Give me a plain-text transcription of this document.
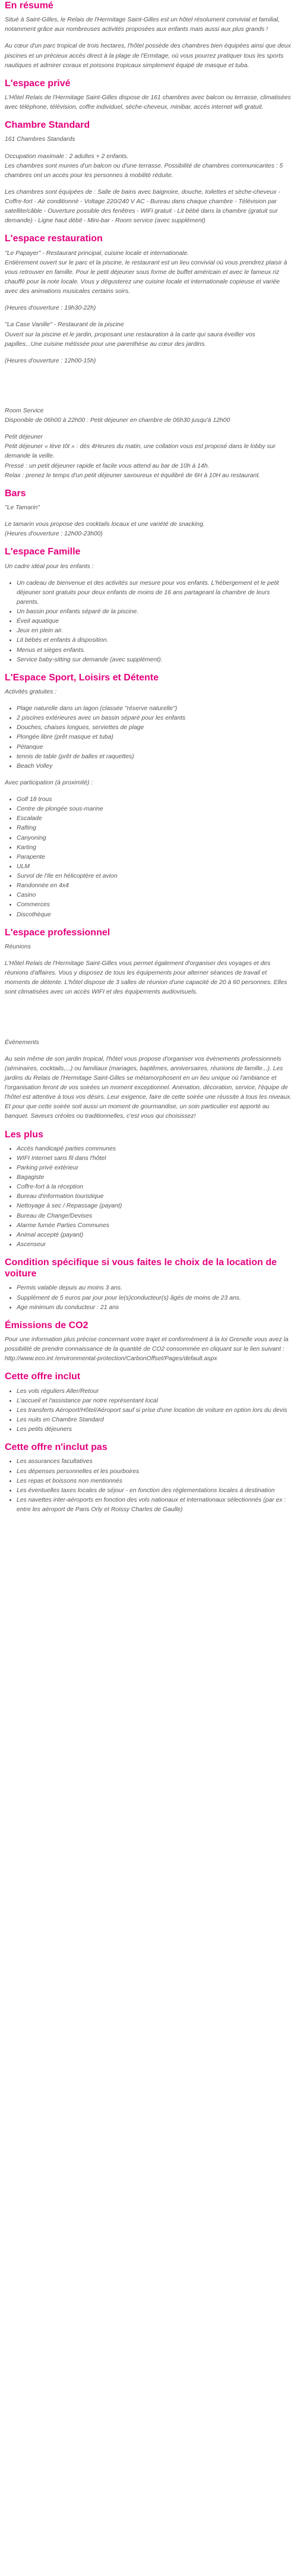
En résumé

Situé à Saint-Gilles, le Relais de l'Hermitage Saint-Gilles est un hôtel résolument convivial et familial, notamment grâce aux nombreuses activités proposées aux enfants mais aussi aux plus grands !

Au cœur d'un parc tropical de trois hectares, l'hôtel possède des chambres bien équipées ainsi que deux piscines et un précieux accès direct à la plage de l'Ermitage, où vous pourrez pratiquer tous les sports nautiques et admirer coraux et poissons tropicaux simplement équipé de masque et tuba.

L'espace privé

L'Hôtel Relais de l'Hermitage Saint-Gilles dispose de 161 chambres avec balcon ou terrasse, climatisées avec téléphone, télévision, coffre individuel, sèche-cheveux, minibar, accès internet wifi gratuit.

Chambre Standard

161 Chambres Standards

Occupation maximale : 2 adultes + 2 enfants.
Les chambres sont munies d'un balcon ou d'une terrasse. Possibilité de chambres communicantes : 5 chambres ont un accès pour les personnes à mobilité réduite.

Les chambres sont équipées de : Salle de bains avec baignoire, douche, toilettes et sèche-cheveux - Coffre-fort - Air conditionné - Voltage 220/240 V AC - Bureau dans chaque chambre - Télévision par satellite/câble - Ouverture possible des fenêtres - WiFi gratuit - Lit bébé dans la chambre (gratuit sur demande) - Ligne haut débit - Mini-bar - Room service (avec supplément)

L'espace restauration

"Le Papayer" - Restaurant principal, cuisine locale et internationale.
Entièrement ouvert sur le parc et la piscine, le restaurant est un lieu convivial où vous prendrez plaisir à vous retrouver en famille. Pour le petit déjeuner sous forme de buffet américain et avec le fameux riz chauffé pour la note locale. Vous y dégusterez une cuisine locale et internationale copieuse et variée avec des animations musicales certains soirs.

(Heures d'ouverture : 19h30-22h)

"La Case Vanille" - Restaurant de la piscine
Ouvert sur la piscine et le jardin, proposant une restauration à la carte qui saura éveiller vos papilles...Une cuisine métissée pour une parenthèse au cœur des jardins.

(Heures d'ouverture : 12h00-15h)

Room Service
Disponible de 06h00 à 22h00 : Petit déjeuner en chambre de 06h30 jusqu'à 12h00

Petit déjeuner
Petit déjeuner « lève tôt » : dès 4Heures du matin, une collation vous est proposé dans le lobby sur demande la veille.
Pressé : un petit déjeuner rapide et facile vous attend au bar de 10h à 14h.
Relax : prenez le temps d'un petit déjeuner savoureux et équilibré de 6H à 10H au restaurant.

Bars

"Le Tamarin"

Le tamarin vous propose des cocktails locaux et une variété de snacking.
(Heures d'ouverture : 12h00-23h00)

L'espace Famille

Un cadre idéal pour les enfants :

• Un cadeau de bienvenue et des activités sur mesure pour vos enfants. L'hébergement et le petit déjeuner sont gratuits pour deux enfants de moins de 16 ans partageant la chambre de leurs parents.
• Un bassin pour enfants séparé de la piscine.
• Éveil aquatique
• Jeux en plein air.
• Lit bébés et enfants à disposition.
• Menus et sièges enfants.
• Service baby-sitting sur demande (avec supplément).
L'Espace Sport, Loisirs et Détente

Activités gratuites :

• Plage naturelle dans un lagon (classée "réserve naturelle")
• 2 piscines extérieures avec un bassin séparé pour les enfants
• Douches, chaises longues, serviettes de plage
• Plongée libre (prêt masque et tuba)
• Pétanque
• tennis de table (prêt de balles et raquettes)
• Beach Volley

Avec participation (à proximité) :

• Golf 18 trous
• Centre de plongée sous-marine
• Escalade
• Rafting
• Canyoning
• Karting
• Parapente
• ULM
• Survol de l'Ile en hélicoptère et avion
• Randonnée en 4x4
• Casino
• Commerces
• Discothèque
L'espace professionnel

Réunions

L'Hôtel Relais de l'Hermitage Saint-Gilles vous permet également d'organiser des voyages et des réunions d'affaires. Vous y disposez de tous les équipements pour alterner séances de travail et moments de détente. L'hôtel dispose de 3 salles de réunion d'une capacité de 20 à 60 personnes. Elles sont climatisées avec un accès WIFI et des équipements audiovisuels.

Évènements

Au sein même de son jardin tropical, l'hôtel vous propose d'organiser vos évènements professionnels (séminaires, cocktails,...) ou familiaux (mariages, baptêmes, anniversaires, réunions de famille...). Les jardins du Relais de l'Hermitage Saint-Gilles se métamorphosent en un lieu unique où l'ambiance et l'organisation feront de vos soirées un moment exceptionnel. Animation, décoration, service, l'équipe de l'hôtel est attentive à tous vos désirs. Leur exigence, faire de cette soirée une réussite à tous les niveaux. Et pour que cette soirée soit aussi un moment de gourmandise, un soin particulier est apporté au banquet. Saveurs créoles ou traditionnelles, c'est vous qui choisissez!

Les plus
• Accès handicapé parties communes
• WIFI Internet sans fil dans l'hôtel
• Parking privé extérieur
• Bagagiste
• Coffre-fort à la réception
• Bureau d'information touristique
• Nettoyage à sec / Repassage (payant)
• Bureau de Change/Devises
• Alarme fumée Parties Communes
• Animal accepté (payant)
• Ascenseur
Condition spécifique si vous faites le choix de la location de voiture
• Permis valable depuis au moins 3 ans.
• Supplément de 5 euros par jour pour le(s)conducteur(s) âgés de moins de 23 ans.
• Age minimum du conducteur : 21 ans
Émissions de CO2

Pour une information plus précise concernant votre trajet et conformément à la loi Grenelle vous avez la possibilité de prendre connaissance de la quantité de CO2 consommée en cliquant sur le lien suivant : http://www.eco.int /environmental-protection/CarbonOffset/Pages/default.aspx

Cette offre inclut
• Les vols réguliers Aller/Retour
• L'accueil et l'assistance par notre représentant local
• Les transferts Aéroport/Hôtel/Aéroport sauf si prise d'une location de voiture en option lors du devis
• Les nuits en Chambre Standard
• Les petits déjeuners
Cette offre n'inclut pas
• Les assurances facultatives
• Les dépenses personnelles et les pourboires
• Les repas et boissons non mentionnés
• Les éventuelles taxes locales de séjour - en fonction des réglementations locales à destination
• Les navettes inter-aéroports en fonction des vols nationaux et internationaux sélectionnés (par ex : entre les aéroport de Paris Orly et Roissy Charles de Gaulle)
